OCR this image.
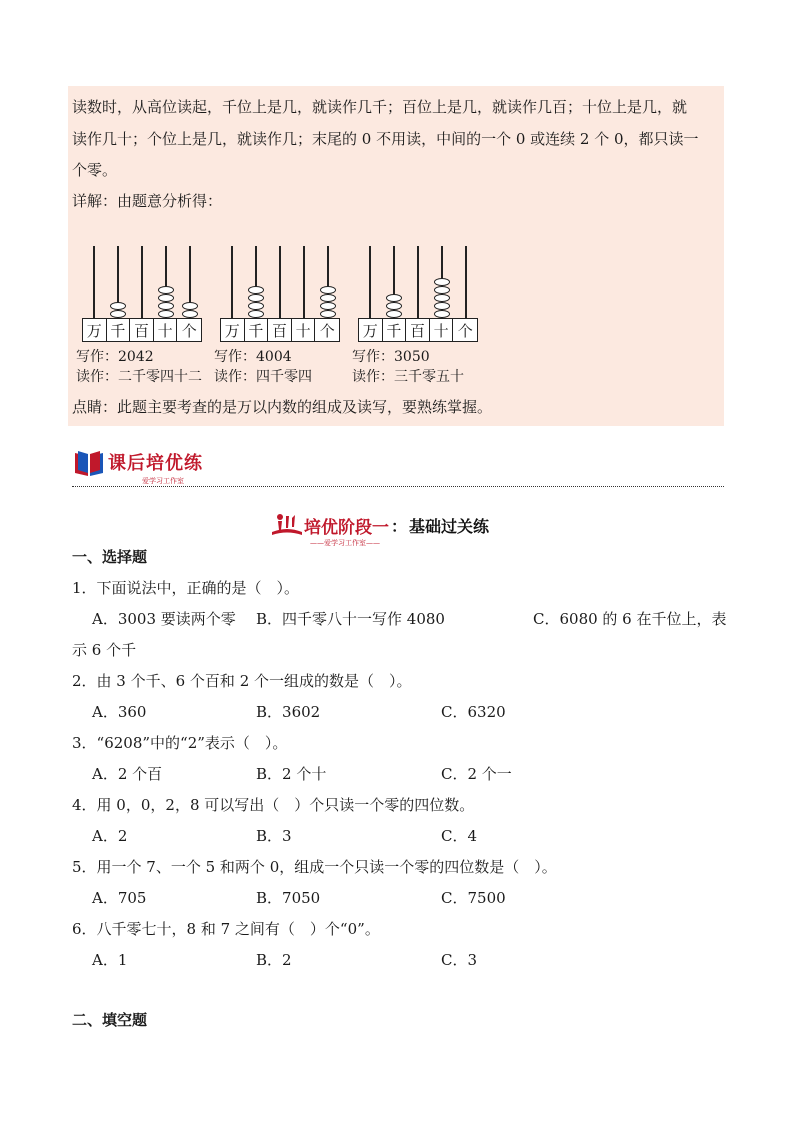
读数时，从高位读起，千位上是几，就读作几千；百位上是几，就读作几百；十位上是几，就
读作几十；个位上是几，就读作几；末尾的 0 不用读，中间的一个 0 或连续 2 个 0，都只读一
个零。
详解：由题意分析得：
万 千 百 十 个
写作：2042
读作：二千零四十二
万 千 百 十 个
写作：4004
读作：四千零四
万 千 百 十 个
写作：3050
读作：三千零五十
点睛：此题主要考查的是万以内数的组成及读写，要熟练掌握。
课后培优练
爱学习工作室
培优阶段一 ： 基础过关练
——爱学习工作室——
一、选择题
1．下面说法中，正确的是（　）。
A．3003 要读两个零 B．四千零八十一写作 4080	C．6080 的 6 在千位上，表
示 6 个千
2．由 3 个千、6 个百和 2 个一组成的数是（　）。
A．360	B．3602	C．6320
3．“6208”中的“2”表示（　）。
A．2 个百	B．2 个十	C．2 个一
4．用 0，0，2，8 可以写出（　）个只读一个零的四位数。
A．2	B．3	C．4
5．用一个 7、一个 5 和两个 0，组成一个只读一个零的四位数是（　）。
A．705	B．7050	C．7500
6．八千零七十，8 和 7 之间有（　）个“0”。
A．1	B．2	C．3
二、填空题
